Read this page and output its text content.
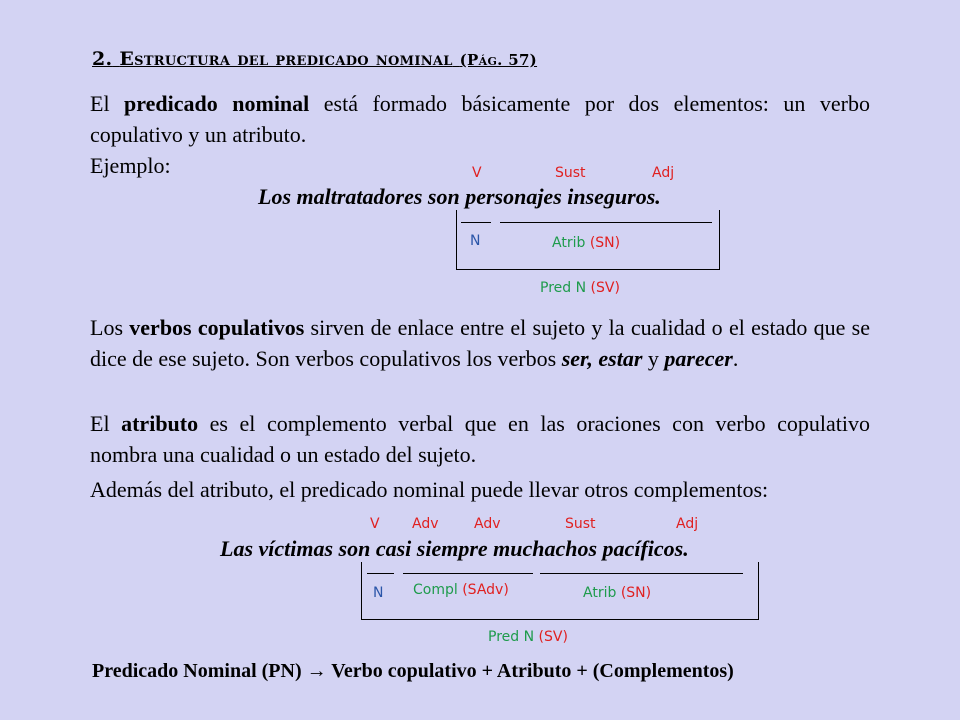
2. Estructura del predicado nominal (Pág. 57)
El predicado nominal está formado básicamente por dos elementos: un verbo copulativo y un atributo.
Ejemplo:	V	Sust	Adj
Los maltratadores son personajes inseguros.
N	Atrib (SN)
Pred N (SV)
Los verbos copulativos sirven de enlace entre el sujeto y la cualidad o el estado que se dice de ese sujeto. Son verbos copulativos los verbos ser, estar y parecer.
El atributo es el complemento verbal que en las oraciones con verbo copulativo nombra una cualidad o un estado del sujeto.
Además del atributo, el predicado nominal puede llevar otros complementos:
V Adv	Adv	Sust	Adj
Las víctimas son casi siempre muchachos pacíficos.
N Compl (SAdv)	Atrib (SN)
Pred N (SV)
Predicado Nominal (PN) → Verbo copulativo + Atributo + (Complementos)
